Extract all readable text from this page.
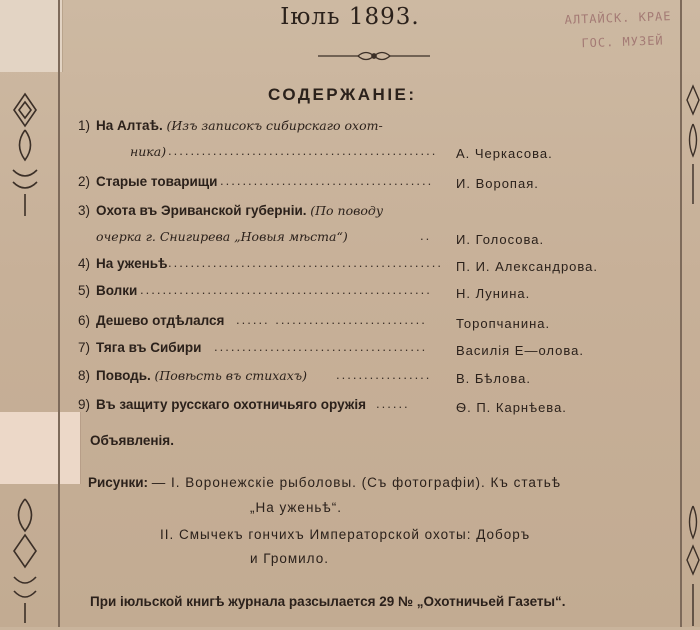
АЛТАЙСК. КРАЕ
ГОС. МУЗЕЙ
Іюль 1893.
СОДЕРЖАНІЕ:
1) На Алтаѣ. (Изъ записокъ сибирскаго охот-
ника) ................................................ А. Черкасова.
2) Старые товарищи ...................................... И. Воропая.
3) Охота въ Эриванской губерніи. (По поводу
очерка г. Снигирева „Новыя мѣста“)	.. И. Голосова.
4) На уженьѣ ................................................. П. И. Александрова.
5) Волки .................................................... Н. Лунина.
6) Дешево отдѣлался ...... ........................... Торопчанина.
7) Тяга въ Сибири ...................................... Василія Е—олова.
8) Поводь. (Повѣсть въ стихахъ) ................. В. Бѣлова.
9) Въ защиту русскаго охотничьяго оружія ......	Ѳ. П. Карнѣева.
Объявленія.
Рисунки: — І. Воронежскіе рыболовы. (Съ фотографіи). Къ статьѣ
„На уженьѣ“.
II. Смычекъ гончихъ Императорской охоты: Доборъ
и Громило.
При іюльской книгѣ журнала разсылается 29 № „Охотничьей Газеты“.
